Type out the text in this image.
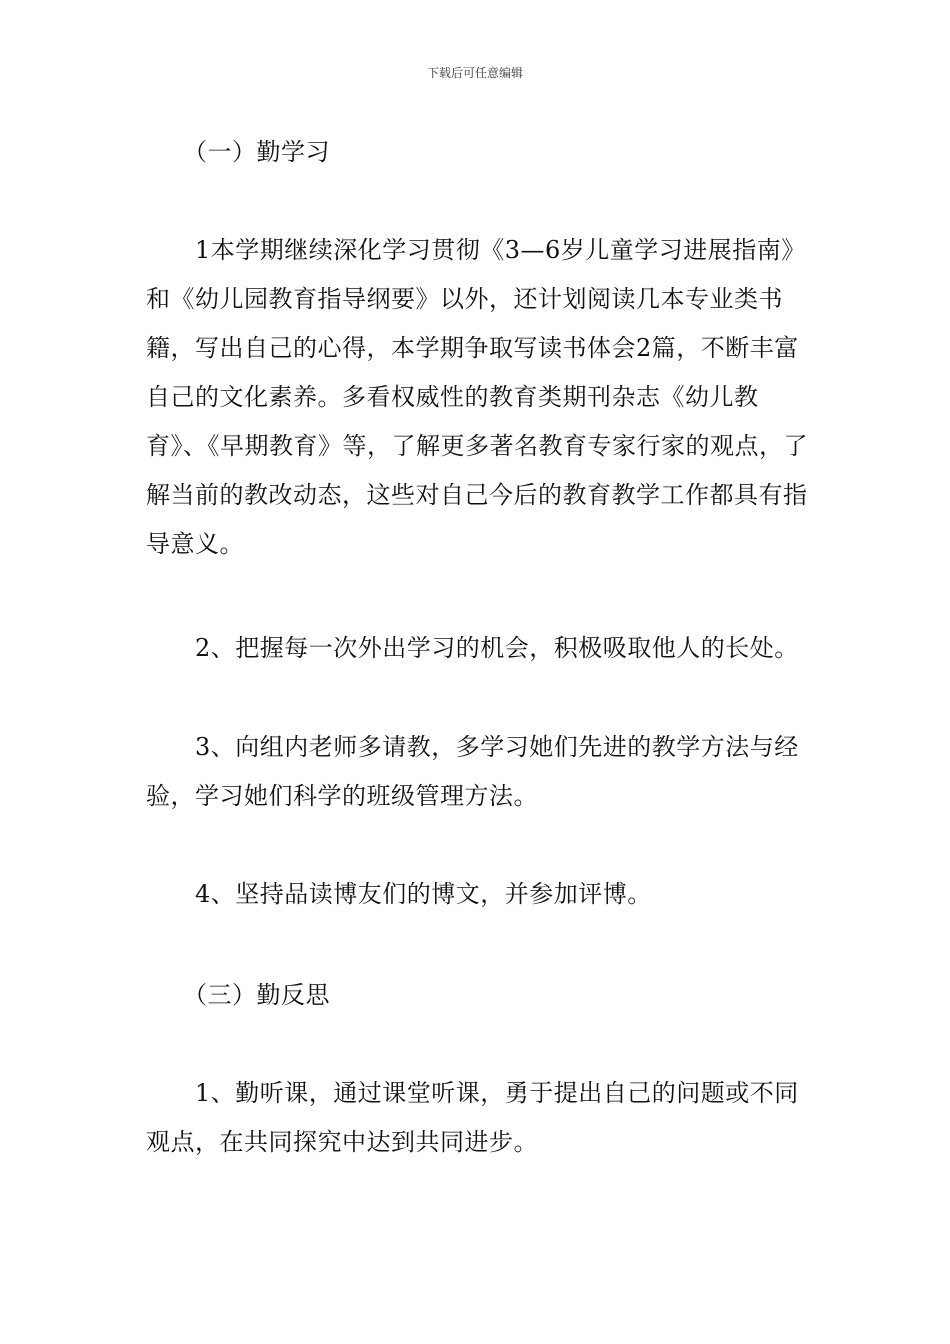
下载后可任意编辑
　　（一）勤学习
　　1本学期继续深化学习贯彻《3—6岁儿童学习进展指南》和《幼儿园教育指导纲要》以外，还计划阅读几本专业类书籍，写出自己的心得，本学期争取写读书体会2篇，不断丰富自己的文化素养。多看权威性的教育类期刊杂志《幼儿教育》、《早期教育》等，了解更多著名教育专家行家的观点，了解当前的教改动态，这些对自己今后的教育教学工作都具有指导意义。
　　2、把握每一次外出学习的机会，积极吸取他人的长处。
　　3、向组内老师多请教，多学习她们先进的教学方法与经验，学习她们科学的班级管理方法。
　　4、坚持品读博友们的博文，并参加评博。
　　（三）勤反思
　　1、勤听课，通过课堂听课，勇于提出自己的问题或不同观点，在共同探究中达到共同进步。
